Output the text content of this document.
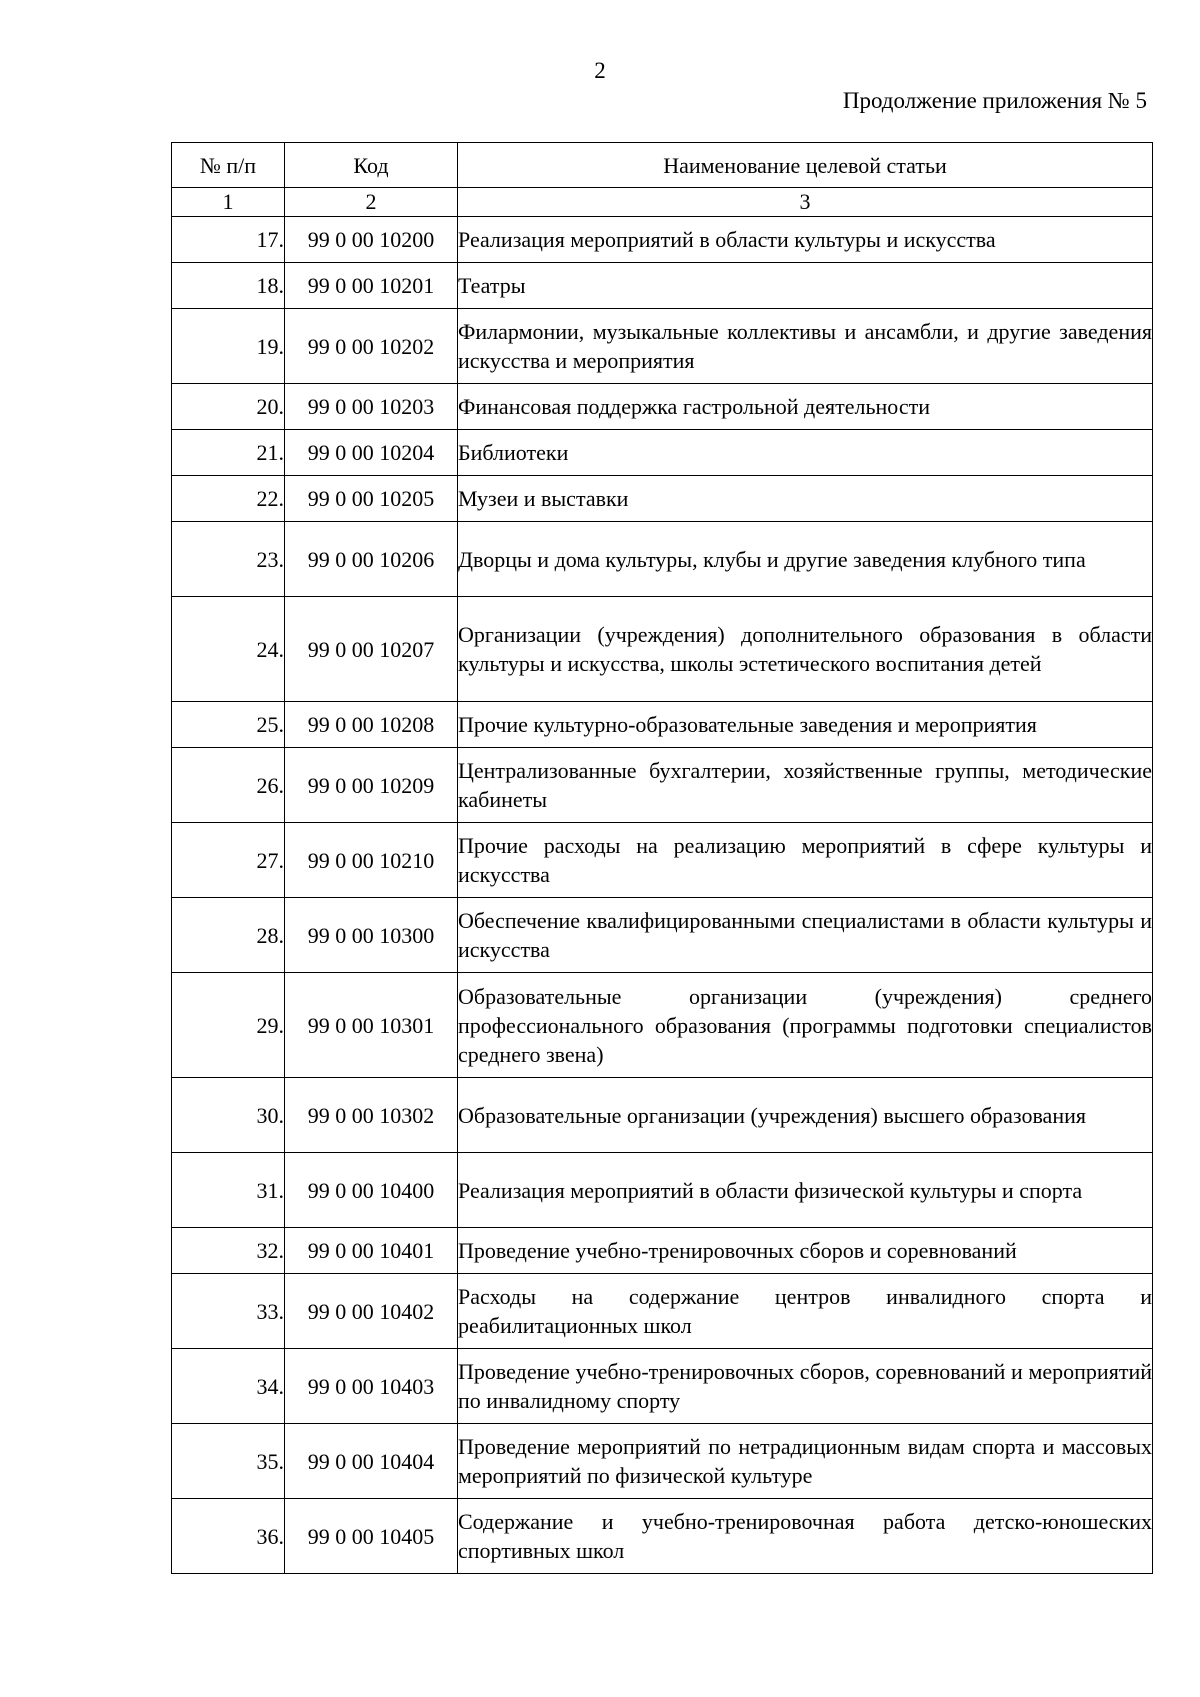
2
Продолжение приложения № 5
№ п/п	Код	Наименование целевой статьи
1	2	3
17.	99 0 00 10200	Реализация мероприятий в области культуры и искусства
18.	99 0 00 10201	Театры
19.	99 0 00 10202	Филармонии, музыкальные коллективы и ансамбли, и другие заведения искусства и мероприятия
20.	99 0 00 10203	Финансовая поддержка гастрольной деятельности
21.	99 0 00 10204	Библиотеки
22.	99 0 00 10205	Музеи и выставки
23.	99 0 00 10206	Дворцы и дома культуры, клубы и другие заведения клубного типа
24.	99 0 00 10207	Организации (учреждения) дополнительного образования в области культуры и искусства, школы эстетического воспитания детей
25.	99 0 00 10208	Прочие культурно-образовательные заведения и мероприятия
26.	99 0 00 10209	Централизованные бухгалтерии, хозяйственные группы, методические кабинеты
27.	99 0 00 10210	Прочие расходы на реализацию мероприятий в сфере культуры и искусства
28.	99 0 00 10300	Обеспечение квалифицированными специалистами в области культуры и искусства
29.	99 0 00 10301	Образовательные организации (учреждения) среднего профессионального образования (программы подготовки специалистов среднего звена)
30.	99 0 00 10302	Образовательные организации (учреждения) высшего образования
31.	99 0 00 10400	Реализация мероприятий в области физической культуры и спорта
32.	99 0 00 10401	Проведение учебно-тренировочных сборов и соревнований
33.	99 0 00 10402	Расходы на содержание центров инвалидного спорта и реабилитационных школ
34.	99 0 00 10403	Проведение учебно-тренировочных сборов, соревнований и мероприятий по инвалидному спорту
35.	99 0 00 10404	Проведение мероприятий по нетрадиционным видам спорта и массовых мероприятий по физической культуре
36.	99 0 00 10405	Содержание и учебно-тренировочная работа детско-юношеских спортивных школ
